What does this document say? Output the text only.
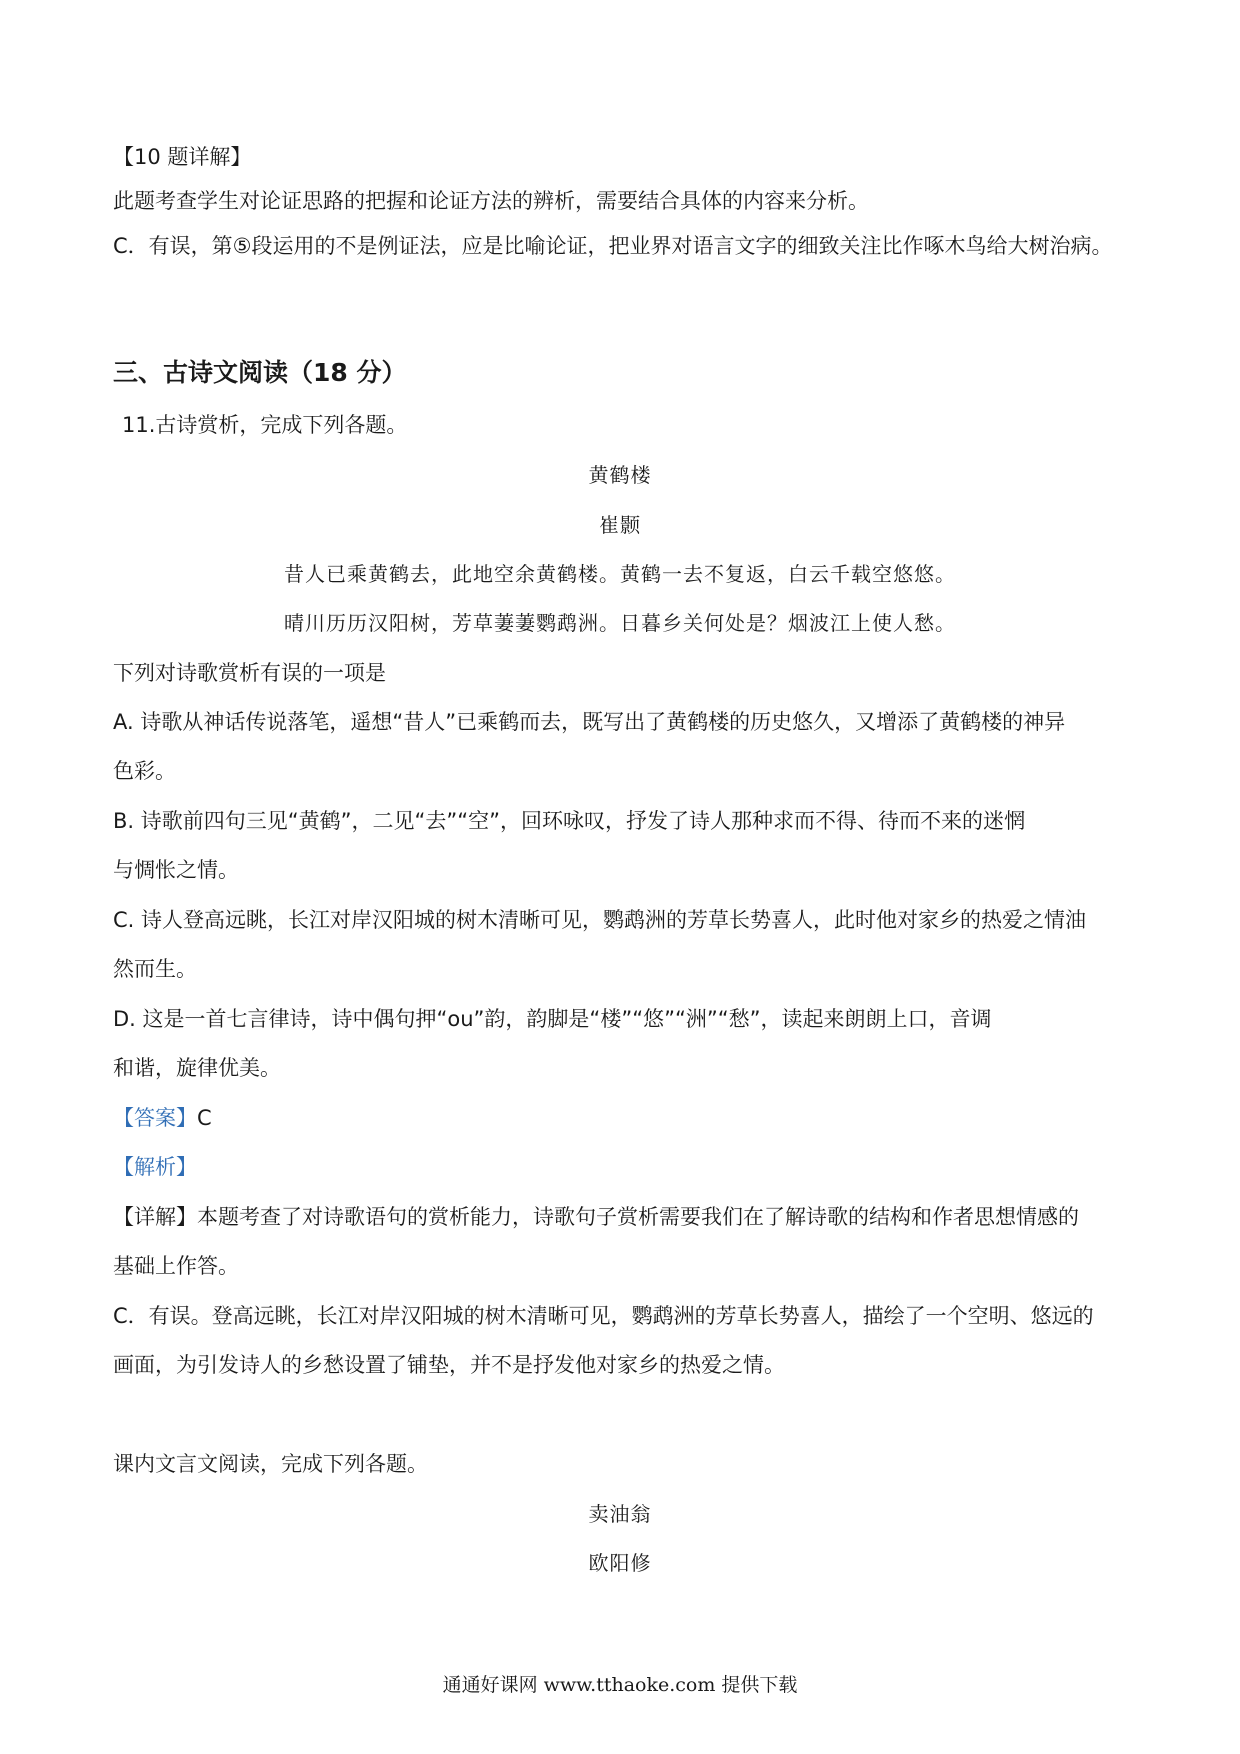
【10 题详解】
此题考查学生对论证思路的把握和论证方法的辨析，需要结合具体的内容来分析。
C．有误，第⑤段运用的不是例证法，应是比喻论证，把业界对语言文字的细致关注比作啄木鸟给大树治病。
三、古诗文阅读（18 分）
11.古诗赏析，完成下列各题。
黄鹤楼
崔颢
昔人已乘黄鹤去，此地空余黄鹤楼。黄鹤一去不复返，白云千载空悠悠。
晴川历历汉阳树，芳草萋萋鹦鹉洲。日暮乡关何处是？烟波江上使人愁。
下列对诗歌赏析有误的一项是
A. 诗歌从神话传说落笔，遥想“昔人”已乘鹤而去，既写出了黄鹤楼的历史悠久，又增添了黄鹤楼的神异
色彩。
B. 诗歌前四句三见“黄鹤”，二见“去”“空”，回环咏叹，抒发了诗人那种求而不得、待而不来的迷惘
与惆怅之情。
C. 诗人登高远眺，长江对岸汉阳城的树木清晰可见，鹦鹉洲的芳草长势喜人，此时他对家乡的热爱之情油
然而生。
D. 这是一首七言律诗，诗中偶句押“ou”韵，韵脚是“楼”“悠”“洲”“愁”，读起来朗朗上口，音调
和谐，旋律优美。
【答案】C
【解析】
【详解】本题考查了对诗歌语句的赏析能力，诗歌句子赏析需要我们在了解诗歌的结构和作者思想情感的
基础上作答。
C．有误。登高远眺，长江对岸汉阳城的树木清晰可见，鹦鹉洲的芳草长势喜人，描绘了一个空明、悠远的
画面，为引发诗人的乡愁设置了铺垫，并不是抒发他对家乡的热爱之情。
课内文言文阅读，完成下列各题。
卖油翁
欧阳修
通通好课网 www.tthaoke.com 提供下载
